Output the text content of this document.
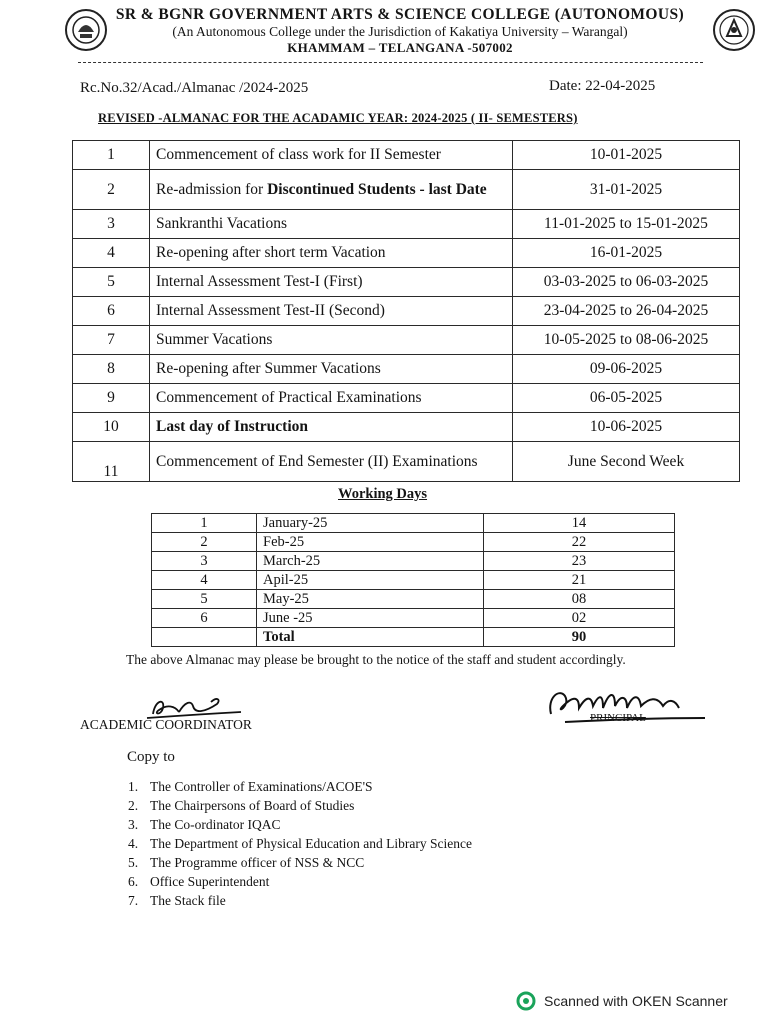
SR & BGNR GOVERNMENT ARTS & SCIENCE COLLEGE (AUTONOMOUS)
(An Autonomous College under the Jurisdiction of Kakatiya University – Warangal)
KHAMMAM – TELANGANA -507002
Rc.No.32/Acad./Almanac /2024-2025	Date: 22-04-2025
REVISED -ALMANAC FOR THE ACADAMIC YEAR: 2024-2025 ( II- SEMESTERS)
1	Commencement of class work for II Semester	10-01-2025
2	Re-admission for Discontinued Students - last Date	31-01-2025
3	Sankranthi Vacations	11-01-2025 to 15-01-2025
4	Re-opening after short term Vacation	16-01-2025
5	Internal Assessment Test-I (First)	03-03-2025 to 06-03-2025
6	Internal Assessment Test-II (Second)	23-04-2025 to 26-04-2025
7	Summer Vacations	10-05-2025 to 08-06-2025
8	Re-opening after Summer Vacations	09-06-2025
9	Commencement of Practical Examinations	06-05-2025
10	Last day of Instruction	10-06-2025
11	Commencement of End Semester (II) Examinations	June Second Week
Working Days
1	January-25	14
2	Feb-25	22
3	March-25	23
4	Apil-25	21
5	May-25	08
6	June -25	02
	Total	90
The above Almanac may please be brought to the notice of the staff and student accordingly.
ACADEMIC COORDINATOR	PRINCIPAL
Copy to
1. The Controller of Examinations/ACOE'S
2. The Chairpersons of Board of Studies
3. The Co-ordinator IQAC
4. The Department of Physical Education and Library Science
5. The Programme officer of NSS & NCC
6. Office Superintendent
7. The Stack file
Scanned with OKEN Scanner
